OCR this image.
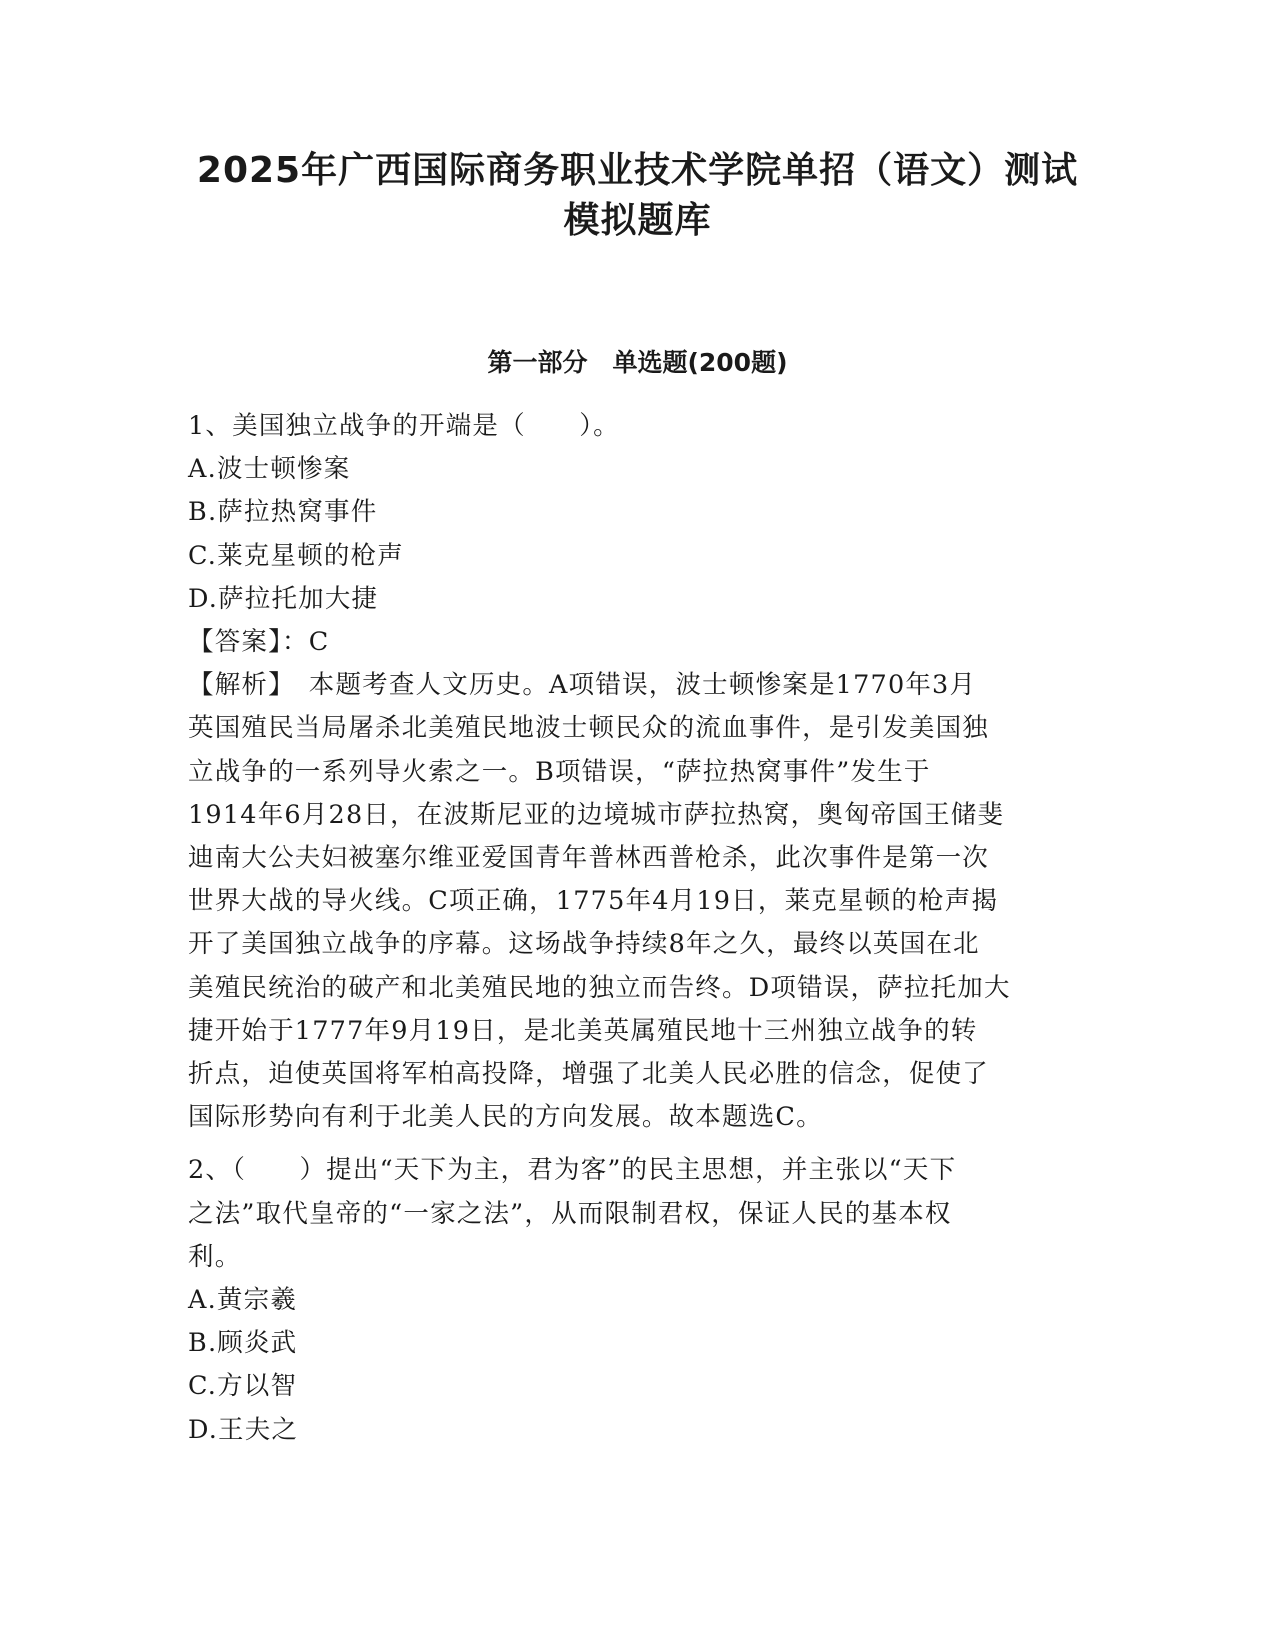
2025年广西国际商务职业技术学院单招（语文）测试
模拟题库
第一部分　单选题(200题)
1、美国独立战争的开端是（　　）。
A.波士顿惨案
B.萨拉热窝事件
C.莱克星顿的枪声
D.萨拉托加大捷
【答案】：C
【解析】　本题考查人文历史。A项错误，波士顿惨案是1770年3月
英国殖民当局屠杀北美殖民地波士顿民众的流血事件，是引发美国独
立战争的一系列导火索之一。B项错误，“萨拉热窝事件”发生于
1914年6月28日，在波斯尼亚的边境城市萨拉热窝，奥匈帝国王储斐
迪南大公夫妇被塞尔维亚爱国青年普林西普枪杀，此次事件是第一次
世界大战的导火线。C项正确，1775年4月19日，莱克星顿的枪声揭
开了美国独立战争的序幕。这场战争持续8年之久，最终以英国在北
美殖民统治的破产和北美殖民地的独立而告终。D项错误，萨拉托加大
捷开始于1777年9月19日，是北美英属殖民地十三州独立战争的转
折点，迫使英国将军柏高投降，增强了北美人民必胜的信念，促使了
国际形势向有利于北美人民的方向发展。故本题选C。
2、（　　）提出“天下为主，君为客”的民主思想，并主张以“天下
之法”取代皇帝的“一家之法”，从而限制君权，保证人民的基本权
利。
A.黄宗羲
B.顾炎武
C.方以智
D.王夫之
